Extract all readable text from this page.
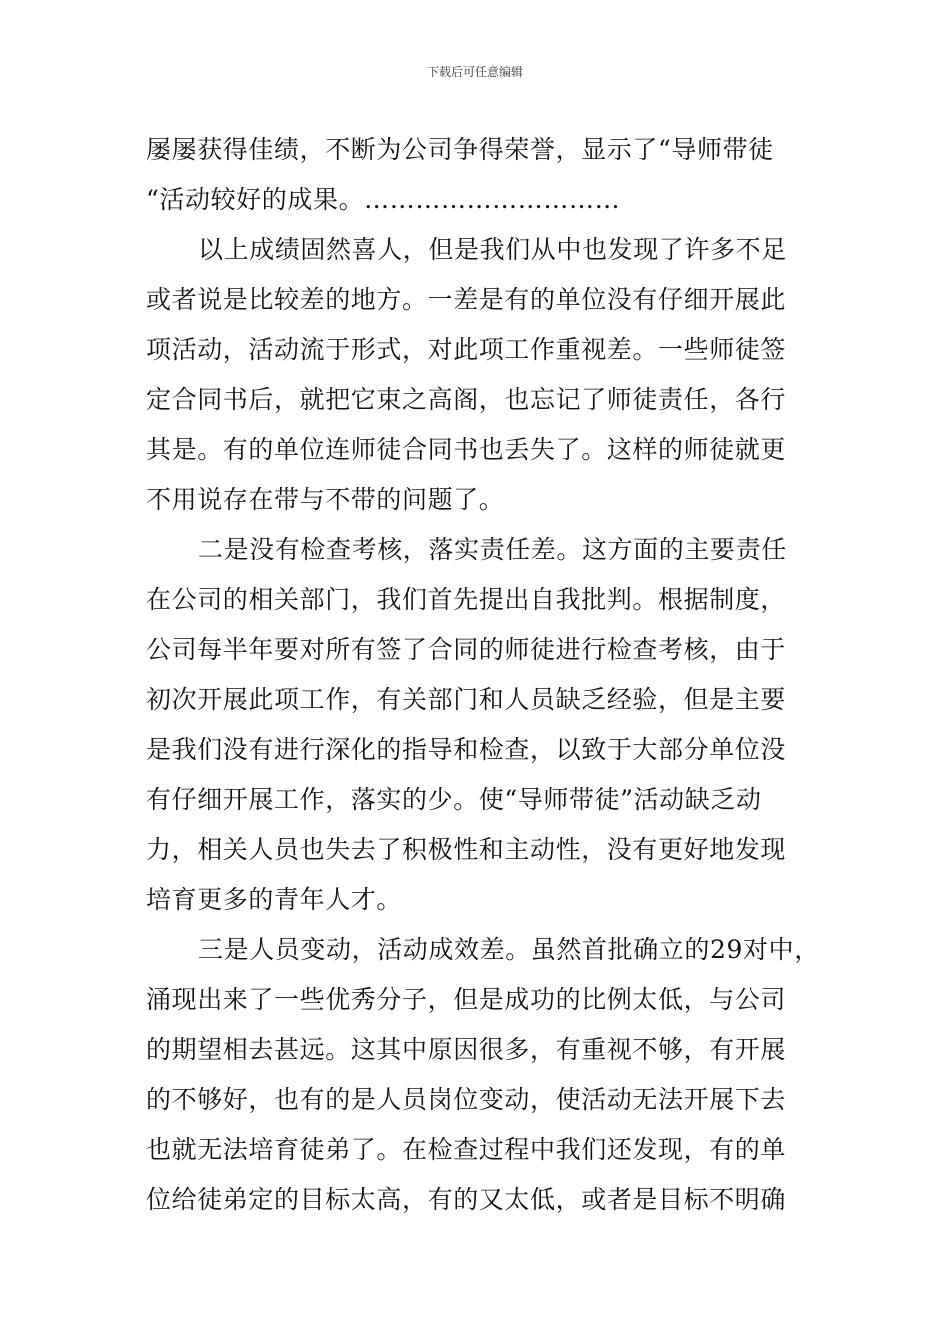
下载后可任意编辑
屡屡获得佳绩，不断为公司争得荣誉，显示了“导师带徒
“活动较好的成果。…………………………
以上成绩固然喜人，但是我们从中也发现了许多不足
或者说是比较差的地方。一差是有的单位没有仔细开展此
项活动，活动流于形式，对此项工作重视差。一些师徒签
定合同书后，就把它束之高阁，也忘记了师徒责任，各行
其是。有的单位连师徒合同书也丢失了。这样的师徒就更
不用说存在带与不带的问题了。
二是没有检查考核，落实责任差。这方面的主要责任
在公司的相关部门，我们首先提出自我批判。根据制度，
公司每半年要对所有签了合同的师徒进行检查考核，由于
初次开展此项工作，有关部门和人员缺乏经验，但是主要
是我们没有进行深化的指导和检查，以致于大部分单位没
有仔细开展工作，落实的少。使“导师带徒”活动缺乏动
力，相关人员也失去了积极性和主动性，没有更好地发现
培育更多的青年人才。
三是人员变动，活动成效差。虽然首批确立的29对中，
涌现出来了一些优秀分子，但是成功的比例太低，与公司
的期望相去甚远。这其中原因很多，有重视不够，有开展
的不够好，也有的是人员岗位变动，使活动无法开展下去
也就无法培育徒弟了。在检查过程中我们还发现，有的单
位给徒弟定的目标太高，有的又太低，或者是目标不明确
